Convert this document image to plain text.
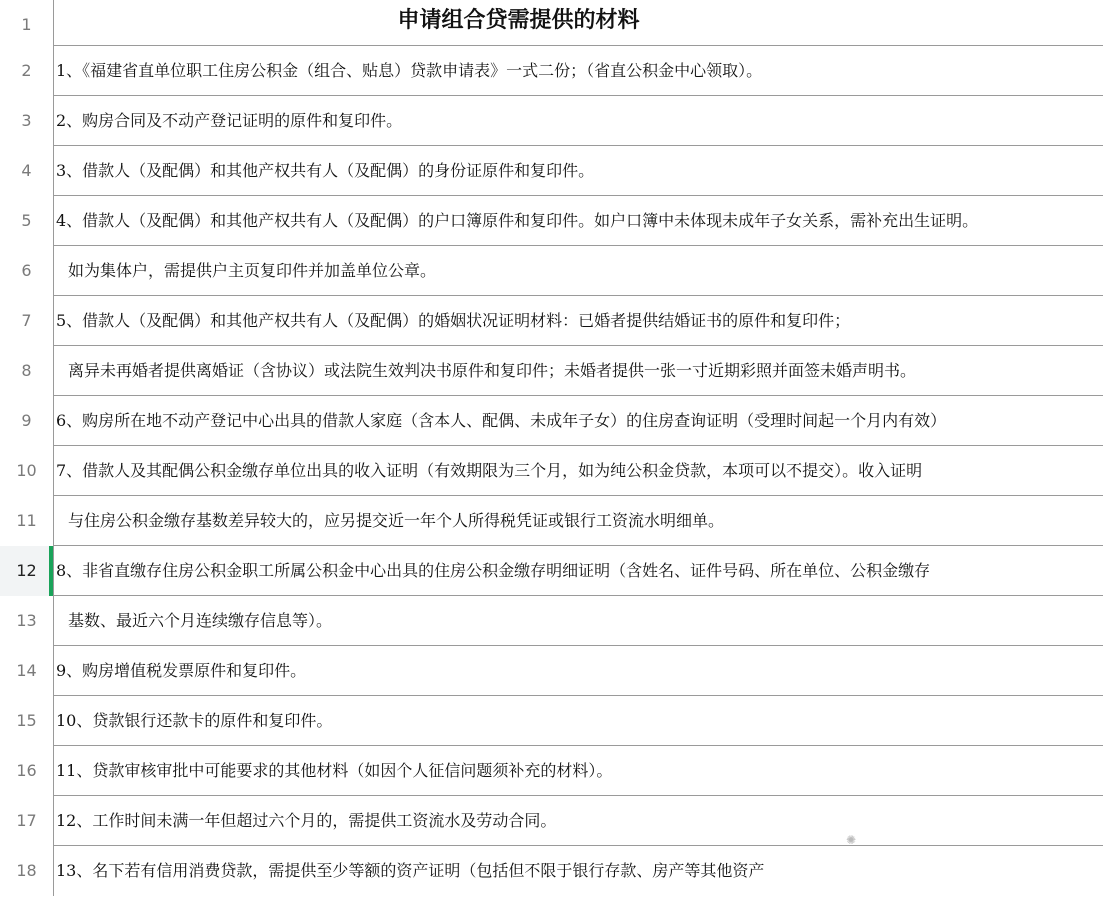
1	申请组合贷需提供的材料
2	1、《福建省直单位职工住房公积金（组合、贴息）贷款申请表》一式二份；（省直公积金中心领取）。
3	2、购房合同及不动产登记证明的原件和复印件。
4	3、借款人（及配偶）和其他产权共有人（及配偶）的身份证原件和复印件。
5	4、借款人（及配偶）和其他产权共有人（及配偶）的户口簿原件和复印件。如户口簿中未体现未成年子女关系，需补充出生证明。
6	如为集体户，需提供户主页复印件并加盖单位公章。
7	5、借款人（及配偶）和其他产权共有人（及配偶）的婚姻状况证明材料：已婚者提供结婚证书的原件和复印件；
8	离异未再婚者提供离婚证（含协议）或法院生效判决书原件和复印件；未婚者提供一张一寸近期彩照并面签未婚声明书。
9	6、购房所在地不动产登记中心出具的借款人家庭（含本人、配偶、未成年子女）的住房查询证明（受理时间起一个月内有效）
10	7、借款人及其配偶公积金缴存单位出具的收入证明（有效期限为三个月，如为纯公积金贷款，本项可以不提交）。收入证明
11	与住房公积金缴存基数差异较大的，应另提交近一年个人所得税凭证或银行工资流水明细单。
12	8、非省直缴存住房公积金职工所属公积金中心出具的住房公积金缴存明细证明（含姓名、证件号码、所在单位、公积金缴存
13	基数、最近六个月连续缴存信息等）。
14	9、购房增值税发票原件和复印件。
15	10、贷款银行还款卡的原件和复印件。
16	11、贷款审核审批中可能要求的其他材料（如因个人征信问题须补充的材料）。
17	12、工作时间未满一年但超过六个月的，需提供工资流水及劳动合同。
18	13、名下若有信用消费贷款，需提供至少等额的资产证明（包括但不限于银行存款、房产等其他资产
✺
